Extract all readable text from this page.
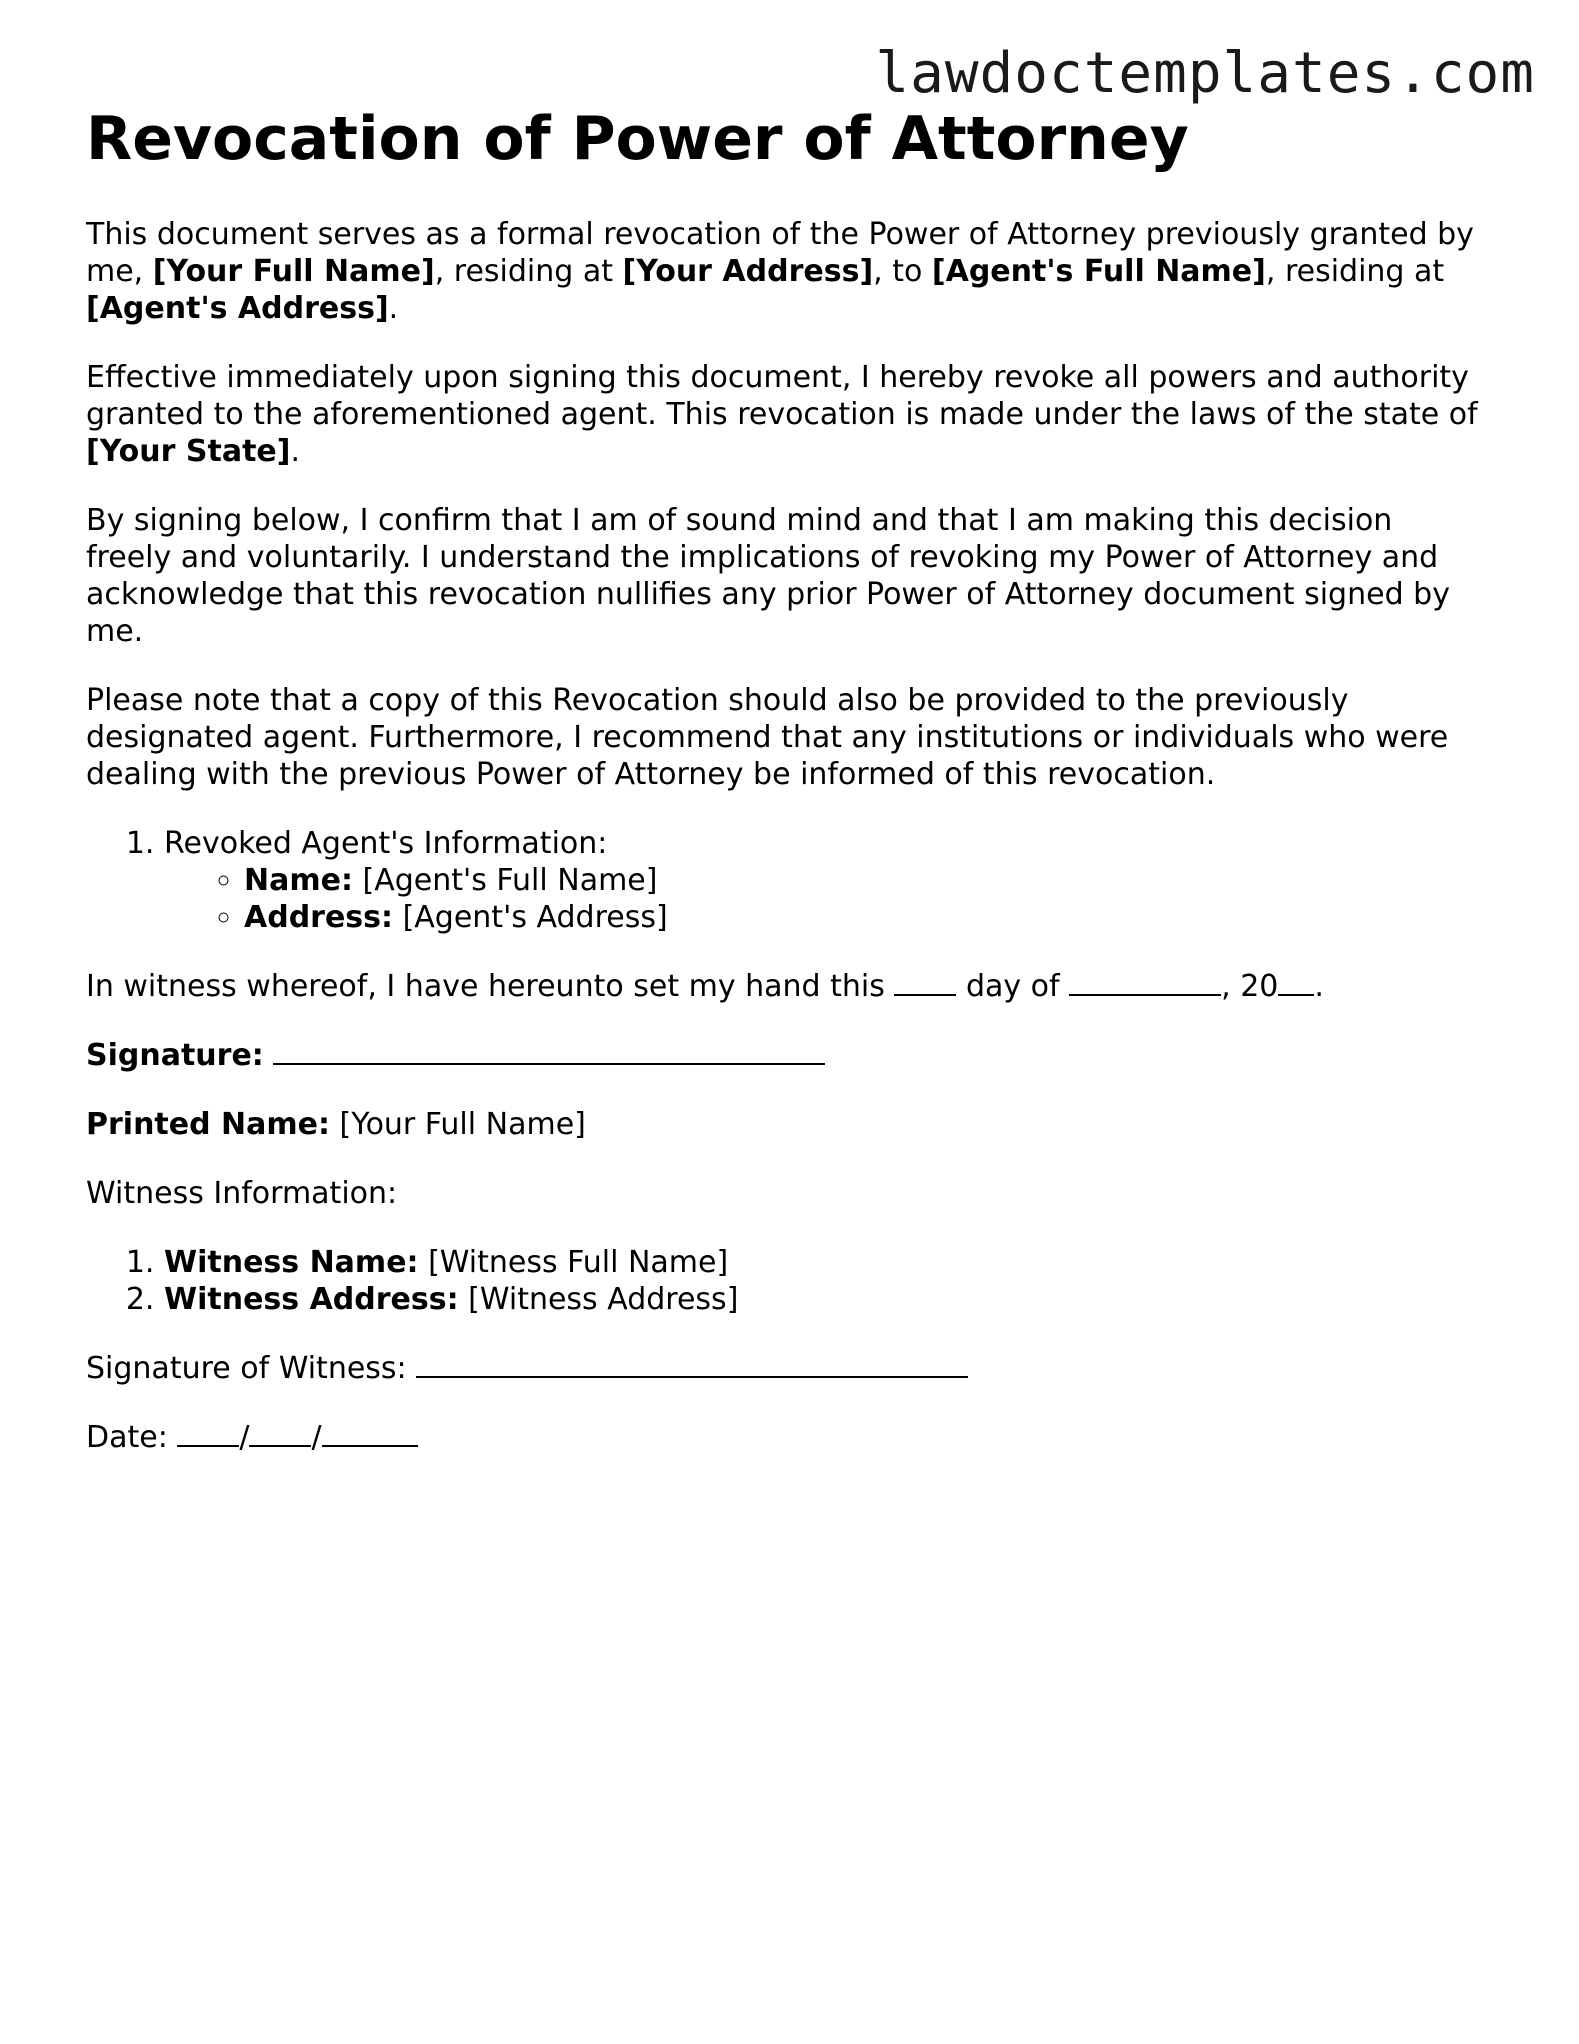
lawdoctemplates.com
Revocation of Power of Attorney

This document serves as a formal revocation of the Power of Attorney previously granted by me, [Your Full Name], residing at [Your Address], to [Agent's Full Name], residing at [Agent's Address].

Effective immediately upon signing this document, I hereby revoke all powers and authority granted to the aforementioned agent. This revocation is made under the laws of the state of [Your State].

By signing below, I confirm that I am of sound mind and that I am making this decision freely and voluntarily. I understand the implications of revoking my Power of Attorney and acknowledge that this revocation nullifies any prior Power of Attorney document signed by me.

Please note that a copy of this Revocation should also be provided to the previously designated agent. Furthermore, I recommend that any institutions or individuals who were dealing with the previous Power of Attorney be informed of this revocation.

1. Revoked Agent's Information:
◦ Name: [Agent's Full Name]
◦ Address: [Agent's Address]

In witness whereof, I have hereunto set my hand this  day of	, 20 .

Signature:

Printed Name: [Your Full Name]

Witness Information:

1. Witness Name: [Witness Full Name]
2. Witness Address: [Witness Address]

Signature of Witness:

Date: / /
